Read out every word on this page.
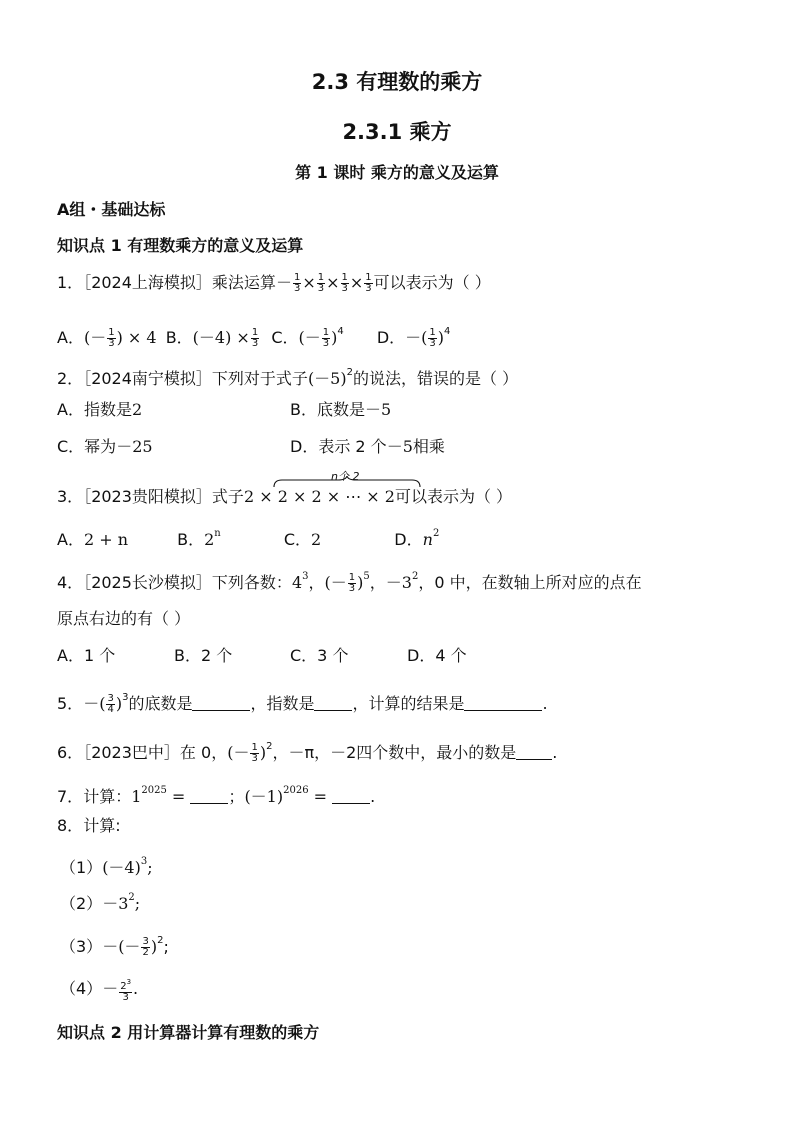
2.3 有理数的乘方
2.3.1 乘方
第 1 课时 乘方的意义及运算
A组・基础达标
知识点 1 有理数乘方的意义及运算
1．［2024上海模拟］乘法运算－ $\frac{1}{3} \times \frac{1}{3} \times \frac{1}{3} \times \frac{1}{3}$ 可以表示为（ ）
A．(－ $\frac{1}{3}$ ) × 4 B．$(-4) \times \frac{1}{3}$ C．(－ $\frac{1}{3} )^4$ D．－( $\frac{1}{3} )^4$
2．［2024南宁模拟］下列对于式子$(-5)^2$的说法，错误的是（ ）
A．指数是2	B．底数是－5
C．幂为－25	D．表示 2 个－5相乘
n个 2
3．［2023贵阳模拟］式子2 × 2 × 2 × ⋯ × 2可以表示为（ ）
A．2 + n	B．2$^n$	C．2	D．$n^2$
4．［2025长沙模拟］下列各数：$4^3$，(－ $\frac{1}{3} )^5$，$-3^2$，0 中，在数轴上所对应的点在
原点右边的有（ ）
A．1 个	B．2 个	C．3 个	D．4 个
5．－( $\frac{3}{4} )^3$的底数是	，指数是 ，计算的结果是	.
6．［2023巴中］在 0，(－ $\frac{1}{3} )^2$，－π，－2四个数中，最小的数是 .
7．计算：$1^{2025}$ = ；$(-1)^{2026}$ = .
8．计算:
$(1)(-4)^3$;
$(2)-3^2$;
$(3)-(- \frac{3}{2} )^2$;
$(4)- \frac{2^3}{3}$ .
知识点 2 用计算器计算有理数的乘方
